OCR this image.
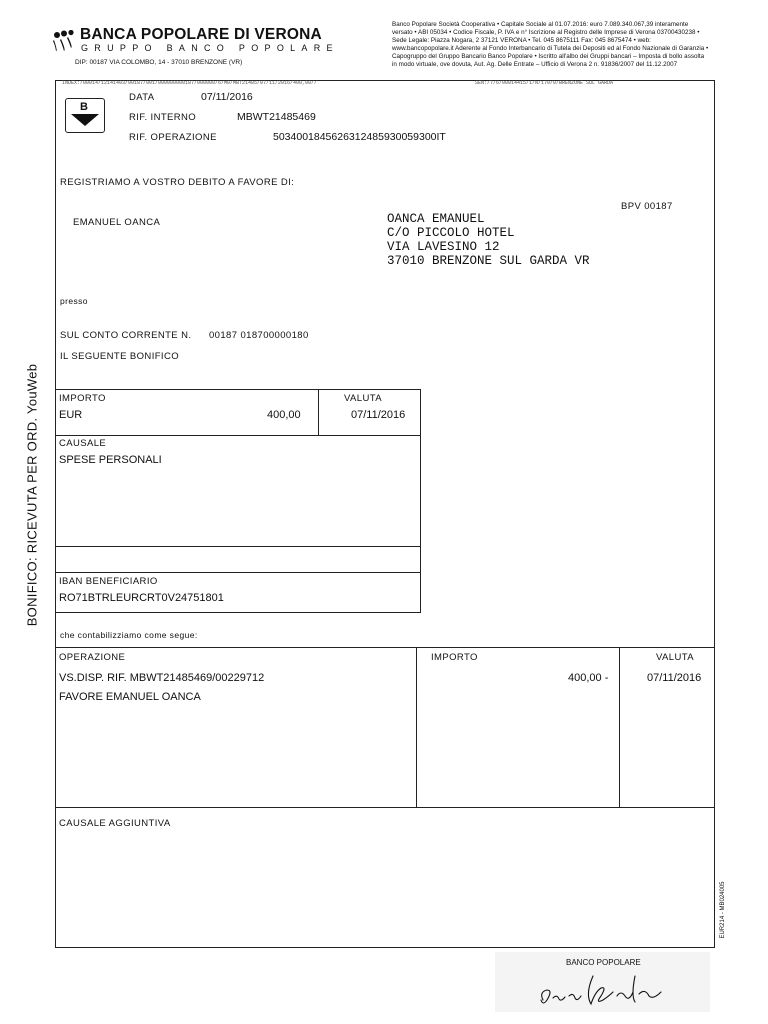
BANCA POPOLARE DI VERONA
GRUPPO BANCO POPOLARE
DIP: 00187 VIA COLOMBO, 14 - 37010 BRENZONE (VR)
Banco Popolare Società Cooperativa • Capitale Sociale al 01.07.2016: euro 7.089.340.067,39 interamente
versato • ABI 05034 • Codice Fiscale, P. IVA e n° Iscrizione al Registro delle Imprese di Verona 03700430238 •
Sede Legale: Piazza Nogara, 2 37121 VERONA • Tel. 045 8675111 Fax: 045 8675474 • web:
www.bancopopolare.it Aderente al Fondo Interbancario di Tutela dei Depositi ed al Fondo Nazionale di Garanzia •
Capogruppo del Gruppo Bancario Banco Popolare • Iscritto all'albo dei Gruppi bancari – Imposta di bollo assolta
in modo virtuale, ove dovuta, Aut. Ag. Delle Entrate – Ufficio di Verona 2 n. 91836/2007 del 11.12.2007
INDEX:/00014/12141403/00187/001/000000000187/000000/6/M0/MBT21485/07/11/2016/400,00//	SEN:/7/6/00014415/1/N/170/0/BRENZONE SUL GARDA
BONIFICO: RICEVUTA PER ORD. YouWeb
EUR214 - MB024005
B
DATA	07/11/2016
RIF. INTERNO	MBWT21485469
RIF. OPERAZIONE	5034001845626312485930059300IT
REGISTRIAMO A VOSTRO DEBITO A FAVORE DI:
BPV 00187
EMANUEL OANCA	OANCA EMANUEL
C/O PICCOLO HOTEL
VIA LAVESINO 12
37010 BRENZONE SUL GARDA VR
presso
SUL CONTO CORRENTE N. 00187 018700000180
IL SEGUENTE BONIFICO
IMPORTO
EUR	400,00
VALUTA
07/11/2016
CAUSALE
SPESE PERSONALI
IBAN BENEFICIARIO
RO71BTRLEURCRT0V24751801
che contabilizziamo come segue:
OPERAZIONE	IMPORTO	VALUTA
VS.DISP. RIF. MBWT21485469/00229712
FAVORE EMANUEL OANCA
400,00 -	07/11/2016
CAUSALE AGGIUNTIVA
BANCO POPOLARE
